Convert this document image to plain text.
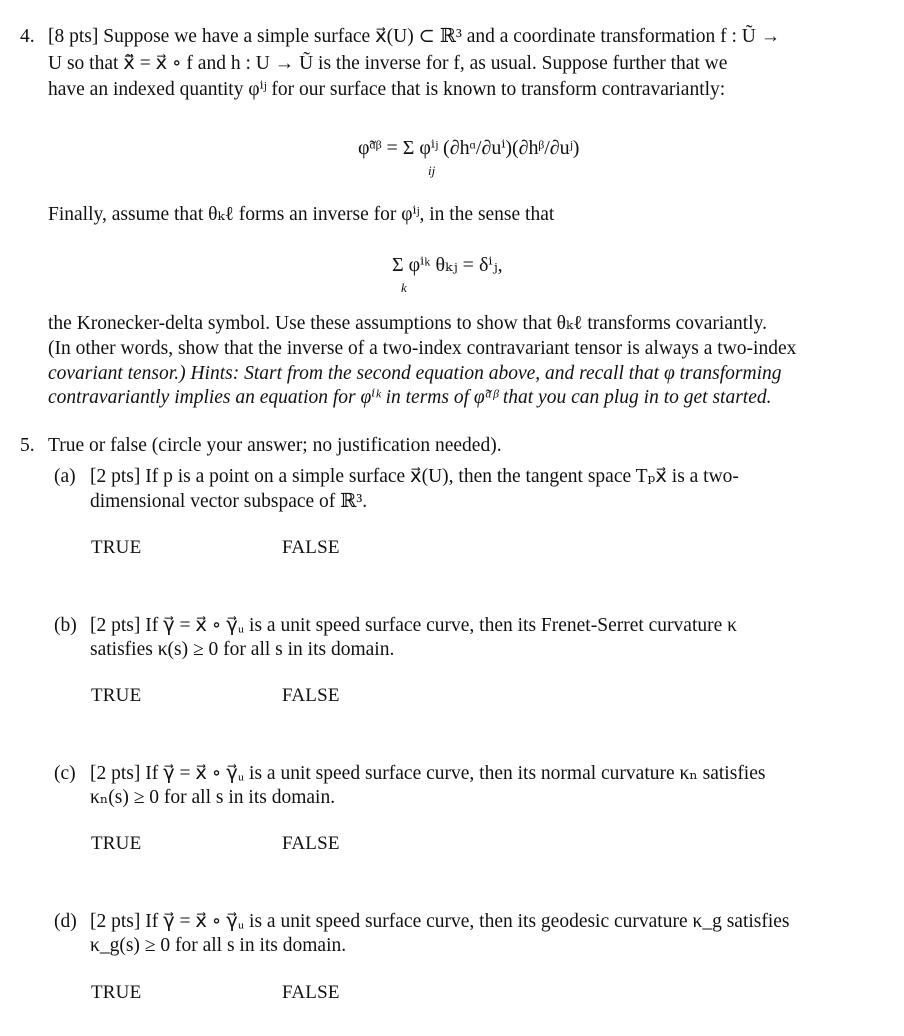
4. [8 pts] Suppose we have a simple surface x⃗(U) ⊂ ℝ³ and a coordinate transformation f : Ũ →
U so that x̃⃗ = x⃗ ∘ f and h : U → Ũ is the inverse for f, as usual. Suppose further that we
have an indexed quantity φⁱʲ for our surface that is known to transform contravariantly:
φ̃ᵅᵝ = Σ φⁱʲ (∂hᵅ/∂uⁱ)(∂hᵝ/∂uʲ)
ij
Finally, assume that θₖℓ forms an inverse for φⁱʲ, in the sense that
Σ φⁱᵏ θₖⱼ = δⁱⱼ,
k
the Kronecker-delta symbol. Use these assumptions to show that θₖℓ transforms covariantly.
(In other words, show that the inverse of a two-index contravariant tensor is always a two-index
covariant tensor.) Hints: Start from the second equation above, and recall that φ transforming
contravariantly implies an equation for φⁱᵏ in terms of φ̃ᵅᵝ that you can plug in to get started.
5. True or false (circle your answer; no justification needed).
(a) [2 pts] If p is a point on a simple surface x⃗(U), then the tangent space Tₚx⃗ is a two-
dimensional vector subspace of ℝ³.
TRUE	FALSE
(b) [2 pts] If γ⃗ = x⃗ ∘ γ⃗ᵤ is a unit speed surface curve, then its Frenet-Serret curvature κ
satisfies κ(s) ≥ 0 for all s in its domain.
TRUE	FALSE
(c) [2 pts] If γ⃗ = x⃗ ∘ γ⃗ᵤ is a unit speed surface curve, then its normal curvature κₙ satisfies
κₙ(s) ≥ 0 for all s in its domain.
TRUE	FALSE
(d) [2 pts] If γ⃗ = x⃗ ∘ γ⃗ᵤ is a unit speed surface curve, then its geodesic curvature κ_g satisfies
κ_g(s) ≥ 0 for all s in its domain.
TRUE	FALSE
